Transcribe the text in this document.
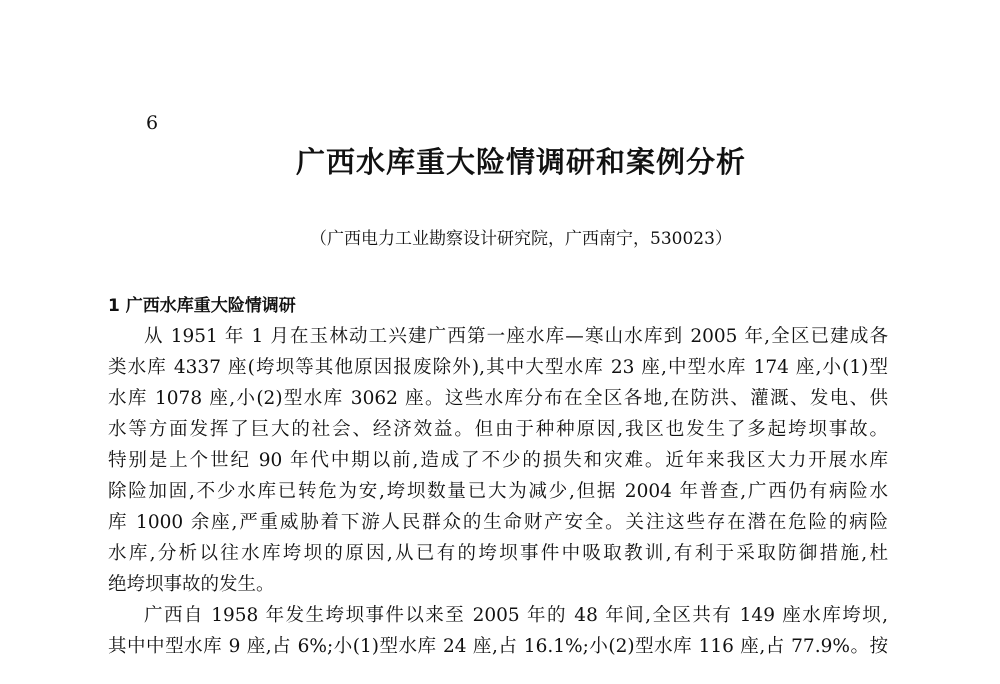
6
广西水库重大险情调研和案例分析
（广西电力工业勘察设计研究院，广西南宁，530023）
1 广西水库重大险情调研
从 1951 年 1 月在玉林动工兴建广西第一座水库—寒山水库到 2005 年,全区已建成各
类水库 4337 座(垮坝等其他原因报废除外),其中大型水库 23 座,中型水库 174 座,小(1)型
水库 1078 座,小(2)型水库 3062 座。这些水库分布在全区各地,在防洪、灌溉、发电、供
水等方面发挥了巨大的社会、经济效益。但由于种种原因,我区也发生了多起垮坝事故。
特别是上个世纪 90 年代中期以前,造成了不少的损失和灾难。近年来我区大力开展水库
除险加固,不少水库已转危为安,垮坝数量已大为减少,但据 2004 年普查,广西仍有病险水
库 1000 余座,严重威胁着下游人民群众的生命财产安全。关注这些存在潜在危险的病险
水库,分析以往水库垮坝的原因,从已有的垮坝事件中吸取教训,有利于采取防御措施,杜
绝垮坝事故的发生。
广西自 1958 年发生垮坝事件以来至 2005 年的 48 年间,全区共有 149 座水库垮坝,
其中中型水库 9 座,占 6%;小(1)型水库 24 座,占 16.1%;小(2)型水库 116 座,占 77.9%。按
